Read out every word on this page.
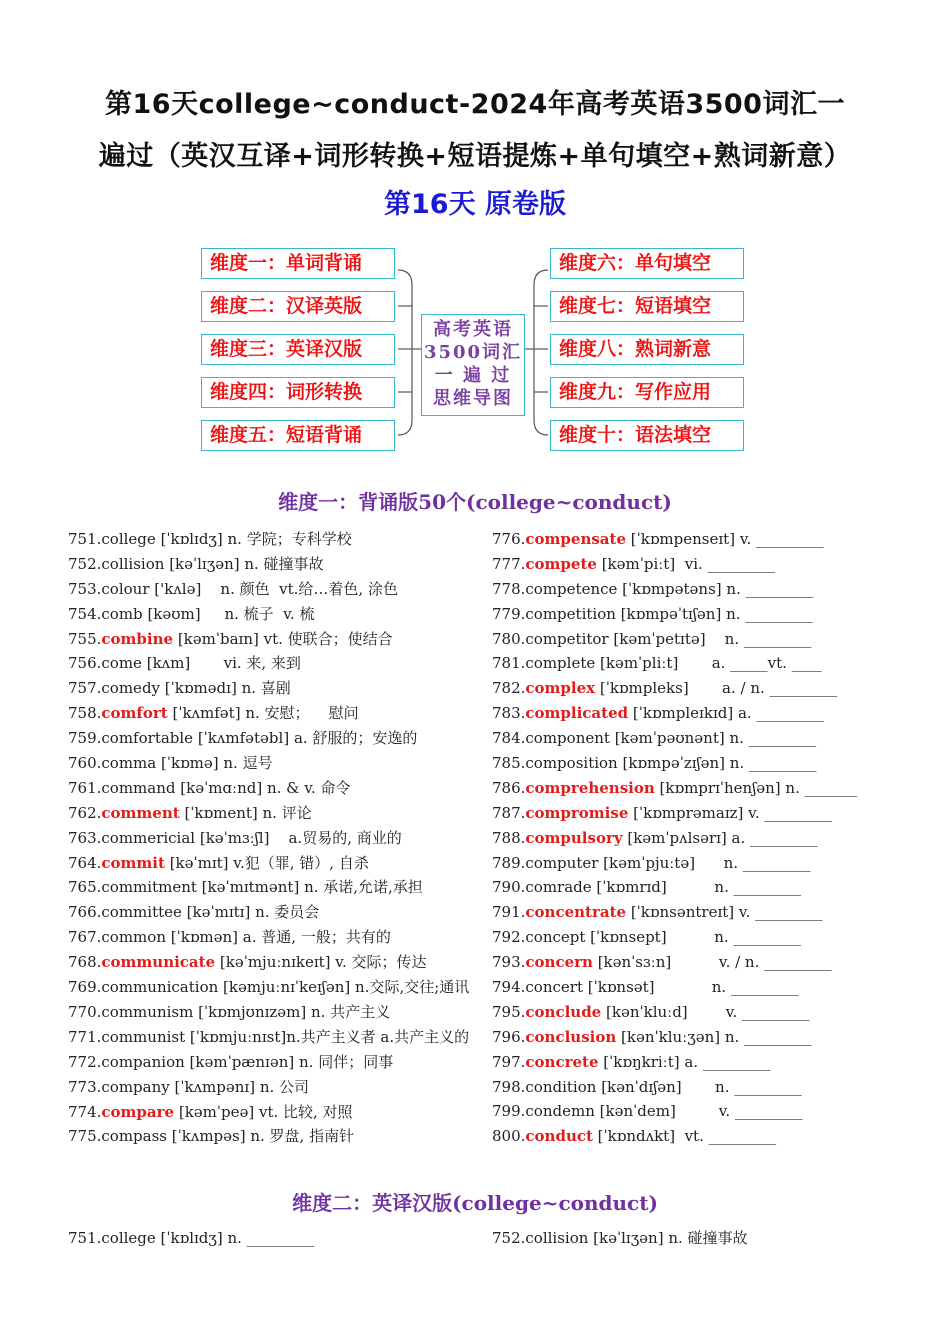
第16天college~conduct-2024年高考英语3500词汇一
遍过（英汉互译+词形转换+短语提炼+单句填空+熟词新意）
第16天 原卷版
维度一：单词背诵
维度二：汉译英版
维度三：英译汉版
维度四：词形转换
维度五：短语背诵
高考英语
3500词汇
一 遍 过
思维导图
维度六：单句填空
维度七：短语填空
维度八：熟词新意
维度九：写作应用
维度十：语法填空
维度一：背诵版50个(college~conduct)
751.college [ˈkɒlɪdʒ] n. 学院；专科学校
752.collision [kəˈlɪʒən] n. 碰撞事故
753.colour ['kʌlə]    n. 颜色  vt.给…着色, 涂色
754.comb [kəʊm]     n. 梳子  v. 梳
755.combine [kəmˈbaɪn] vt. 使联合；使结合
756.come [kʌm]       vi. 来, 来到
757.comedy [ˈkɒmədɪ] n. 喜剧
758.comfort [ˈkʌmfət] n. 安慰；    慰问
759.comfortable [ˈkʌmfətəbl] a. 舒服的；安逸的
760.comma [ˈkɒmə] n. 逗号
761.command [kəˈmɑːnd] n. & v. 命令
762.comment [ˈkɒment] n. 评论
763.commericial [kəˈmɜːʃl]    a.贸易的, 商业的
764.commit [kəˈmɪt] v.犯（罪, 错）, 自杀
765.commitment [kəˈmɪtmənt] n. 承诺,允诺,承担
766.committee [kəˈmɪtɪ] n. 委员会
767.common [ˈkɒmən] a. 普通, 一般；共有的
768.communicate [kəˈmjuːnɪkeɪt] v. 交际；传达
769.communication [kəmjuːnɪˈkeɪʃən] n.交际,交往;通讯
770.communism [ˈkɒmjʊnɪzəm] n. 共产主义
771.communist [ˈkɒmjuːnɪst]n.共产主义者 a.共产主义的
772.companion [kəmˈpænɪən] n. 同伴；同事
773.company [ˈkʌmpənɪ] n. 公司
774.compare [kəmˈpeə] vt. 比较, 对照
775.compass [ˈkʌmpəs] n. 罗盘, 指南针
776.compensate [ˈkɒmpenseɪt] v. _________
777.compete [kəmˈpiːt]  vi. _________
778.competence [ˈkɒmpətəns] n. _________
779.competition [kɒmpəˈtɪʃən] n. _________
780.competitor [kəmˈpetɪtə]    n. _________
781.complete [kəmˈpliːt]       a. _____vt. ____
782.complex [ˈkɒmpleks]       a. / n. _________
783.complicated [ˈkɒmpleɪkɪd] a. _________
784.component [kəmˈpəʊnənt] n. _________
785.composition [kɒmpəˈzɪʃən] n. _________
786.comprehension [kɒmprɪˈhenʃən] n. _______
787.compromise [ˈkɒmprəmaɪz] v. _________
788.compulsory [kəmˈpʌlsərɪ] a. _________
789.computer [kəmˈpjuːtə]      n. _________
790.comrade [ˈkɒmrɪd]          n. _________
791.concentrate [ˈkɒnsəntreɪt] v. _________
792.concept [ˈkɒnsept]          n. _________
793.concern [kənˈsɜːn]          v. / n. _________
794.concert [ˈkɒnsət]            n. _________
795.conclude [kənˈkluːd]        v. _________
796.conclusion [kənˈkluːʒən] n. _________
797.concrete [ˈkɒŋkriːt] a. _________
798.condition [kənˈdɪʃən]       n. _________
799.condemn [kənˈdem]         v. _________
800.conduct [ˈkɒndʌkt]  vt. _________
维度二：英译汉版(college~conduct)
751.college [ˈkɒlɪdʒ] n. _________	752.collision [kəˈlɪʒən] n. 碰撞事故
